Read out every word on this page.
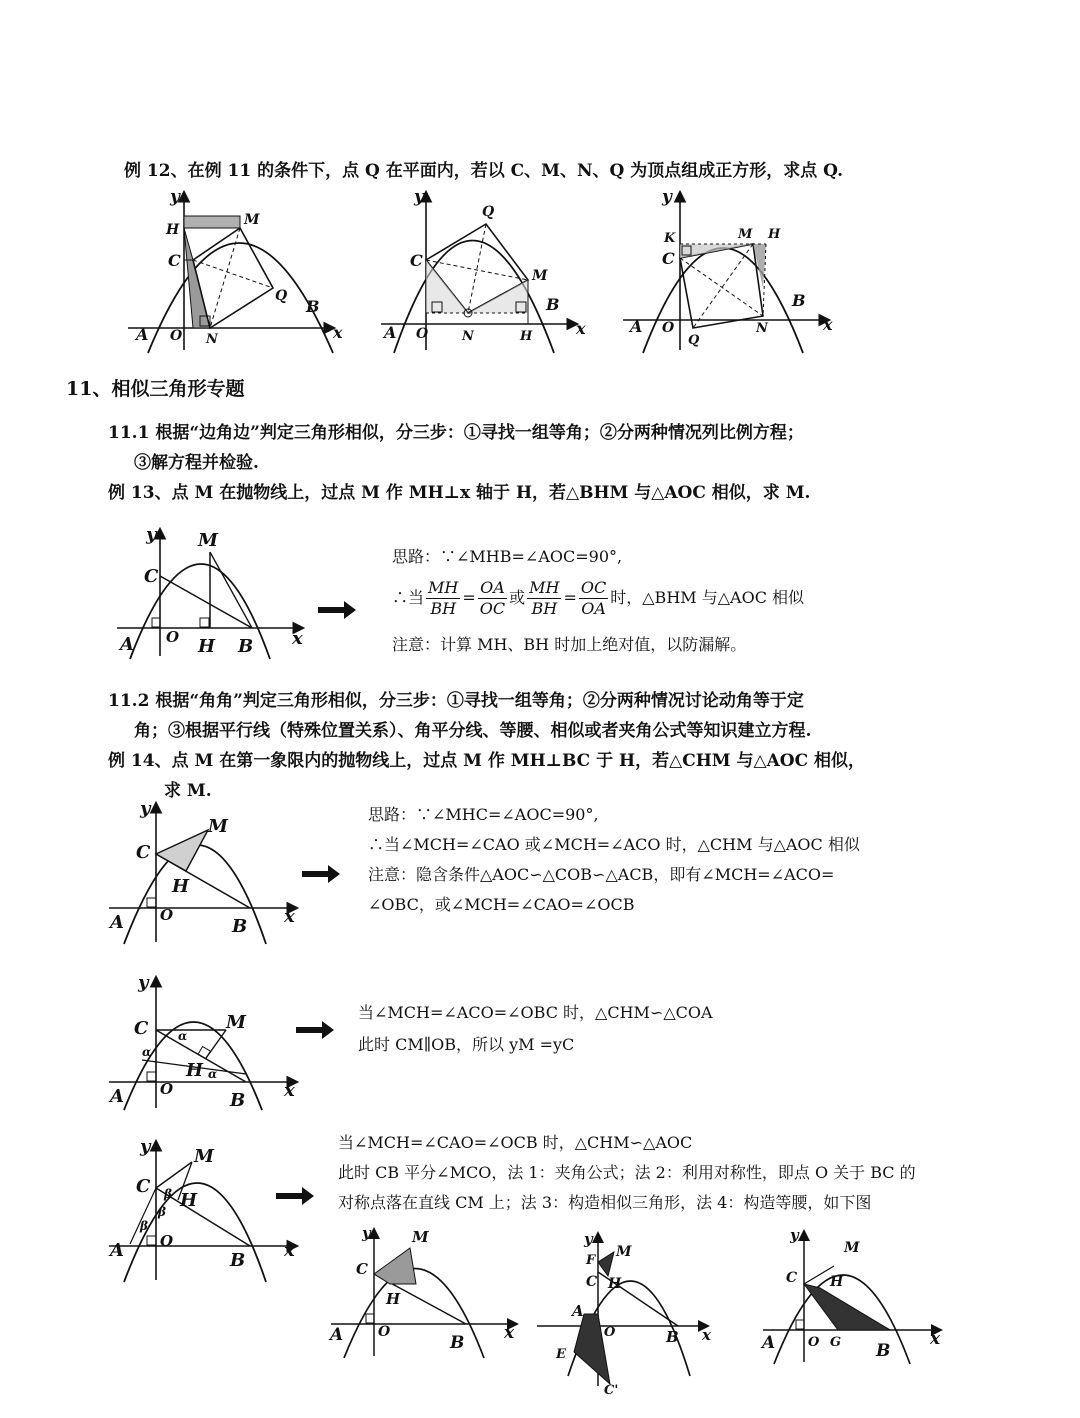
例 12、在例 11 的条件下，点 Q 在平面内，若以 C、M、N、Q 为顶点组成正方形，求点 Q.
y
H
M
C
Q
B
A O N	x
y
Q
C
M
B
A O	N	H	x
y
K	M H
C
B
A O	N
Q
x
11、相似三角形专题
11.1 根据“边角边”判定三角形相似，分三步：①寻找一组等角；②分两种情况列比例方程；
③解方程并检验.
例 13、点 M 在抛物线上，过点 M 作 MH⊥x 轴于 H，若△BHM 与△AOC 相似，求 M.
y M
C
A O H B x
思路：∵∠MHB=∠AOC=90°,
∴当 $\frac{MH}{BH} = \frac{OA}{OC}$ 或 $\frac{MH}{BH} = \frac{OC}{OA}$ 时，△BHM 与△AOC 相似
注意：计算 MH、BH 时加上绝对值，以防漏解。
11.2 根据“角角”判定三角形相似，分三步：①寻找一组等角；②分两种情况讨论动角等于定
角；③根据平行线（特殊位置关系）、角平分线、等腰、相似或者夹角公式等知识建立方程.
例 14、点 M 在第一象限内的抛物线上，过点 M 作 MH⊥BC 于 H，若△CHM 与△AOC 相似，
求 M.
y
M
C
H
A O
B x
思路：∵∠MHC=∠AOC=90°,
∴当∠MCH=∠CAO 或∠MCH=∠ACO 时，△CHM 与△AOC 相似
注意：隐含条件△AOC∽△COB∽△ACB，即有∠MCH=∠ACO=
∠OBC，或∠MCH=∠CAO=∠OCB
y
C	M
α
α
H α
A O
B x
当∠MCH=∠ACO=∠OBC 时，△CHM∽△COA
此时 CM∥OB，所以 yM =yC
y M
C β H
β
β
A O
B x
当∠MCH=∠CAO=∠OCB 时，△CHM∽△AOC
此时 CB 平分∠MCO，法 1：夹角公式；法 2：利用对称性，即点 O 关于 BC 的
对称点落在直线 CM 上；法 3：构造相似三角形，法 4：构造等腰，如下图
y	M
C
H
A O
B x
y
F
M
C H
A
O	B x
E
C'
y
M
C H
A	O G B
x
